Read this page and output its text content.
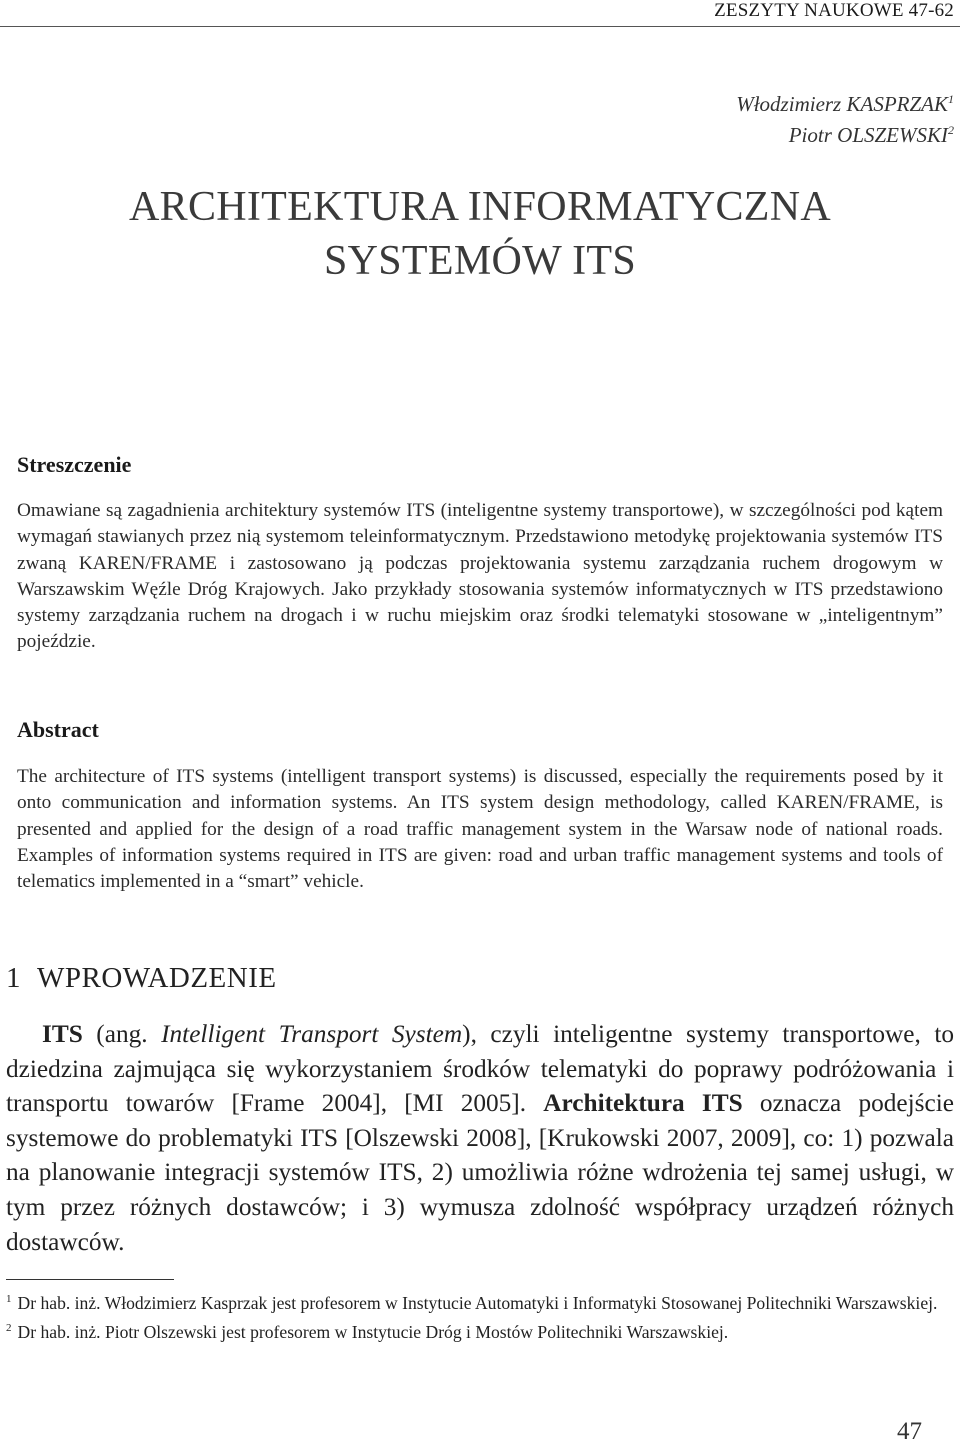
ZESZYTY NAUKOWE 47-62
Włodzimierz KASPRZAK$^1$
Piotr OLSZEWSKI$^2$
ARCHITEKTURA INFORMATYCZNA
SYSTEMÓW ITS
Streszczenie
Omawiane są zagadnienia architektury systemów ITS (inteligentne systemy transportowe), w szczególności pod kątem wymagań stawianych przez nią systemom teleinformatycznym. Przedstawiono metodykę projektowania systemów ITS zwaną KAREN/FRAME i zastosowano ją podczas projektowania systemu zarządzania ruchem drogowym w Warszawskim Węźle Dróg Krajowych. Jako przykłady stosowania systemów informatycznych w ITS przedstawiono systemy zarządzania ruchem na drogach i w ruchu miejskim oraz środki telematyki stosowane w „inteligentnym” pojeździe.
Abstract
The architecture of ITS systems (intelligent transport systems) is discussed, especially the requirements posed by it onto communication and information systems. An ITS system design methodology, called KAREN/FRAME, is presented and applied for the design of a road traffic management system in the Warsaw node of national roads. Examples of information systems required in ITS are given: road and urban traffic management systems and tools of telematics implemented in a “smart” vehicle.
1 WPROWADZENIE
ITS (ang. Intelligent Transport System), czyli inteligentne systemy transportowe, to dziedzina zajmująca się wykorzystaniem środków telematyki do poprawy podróżowania i transportu towarów [Frame 2004], [MI 2005]. Architektura ITS oznacza podejście systemowe do problematyki ITS [Olszewski 2008], [Krukowski 2007, 2009], co: 1) pozwala na planowanie integracji systemów ITS, 2) umożliwia różne wdrożenia tej samej usługi, w tym przez różnych dostawców; i 3) wymusza zdolność współpracy urządzeń różnych dostawców.

$^1$ Dr hab. inż. Włodzimierz Kasprzak jest profesorem w Instytucie Automatyki i Informatyki Stosowanej Politechniki Warszawskiej.

$^2$ Dr hab. inż. Piotr Olszewski jest profesorem w Instytucie Dróg i Mostów Politechniki Warszawskiej.

47
